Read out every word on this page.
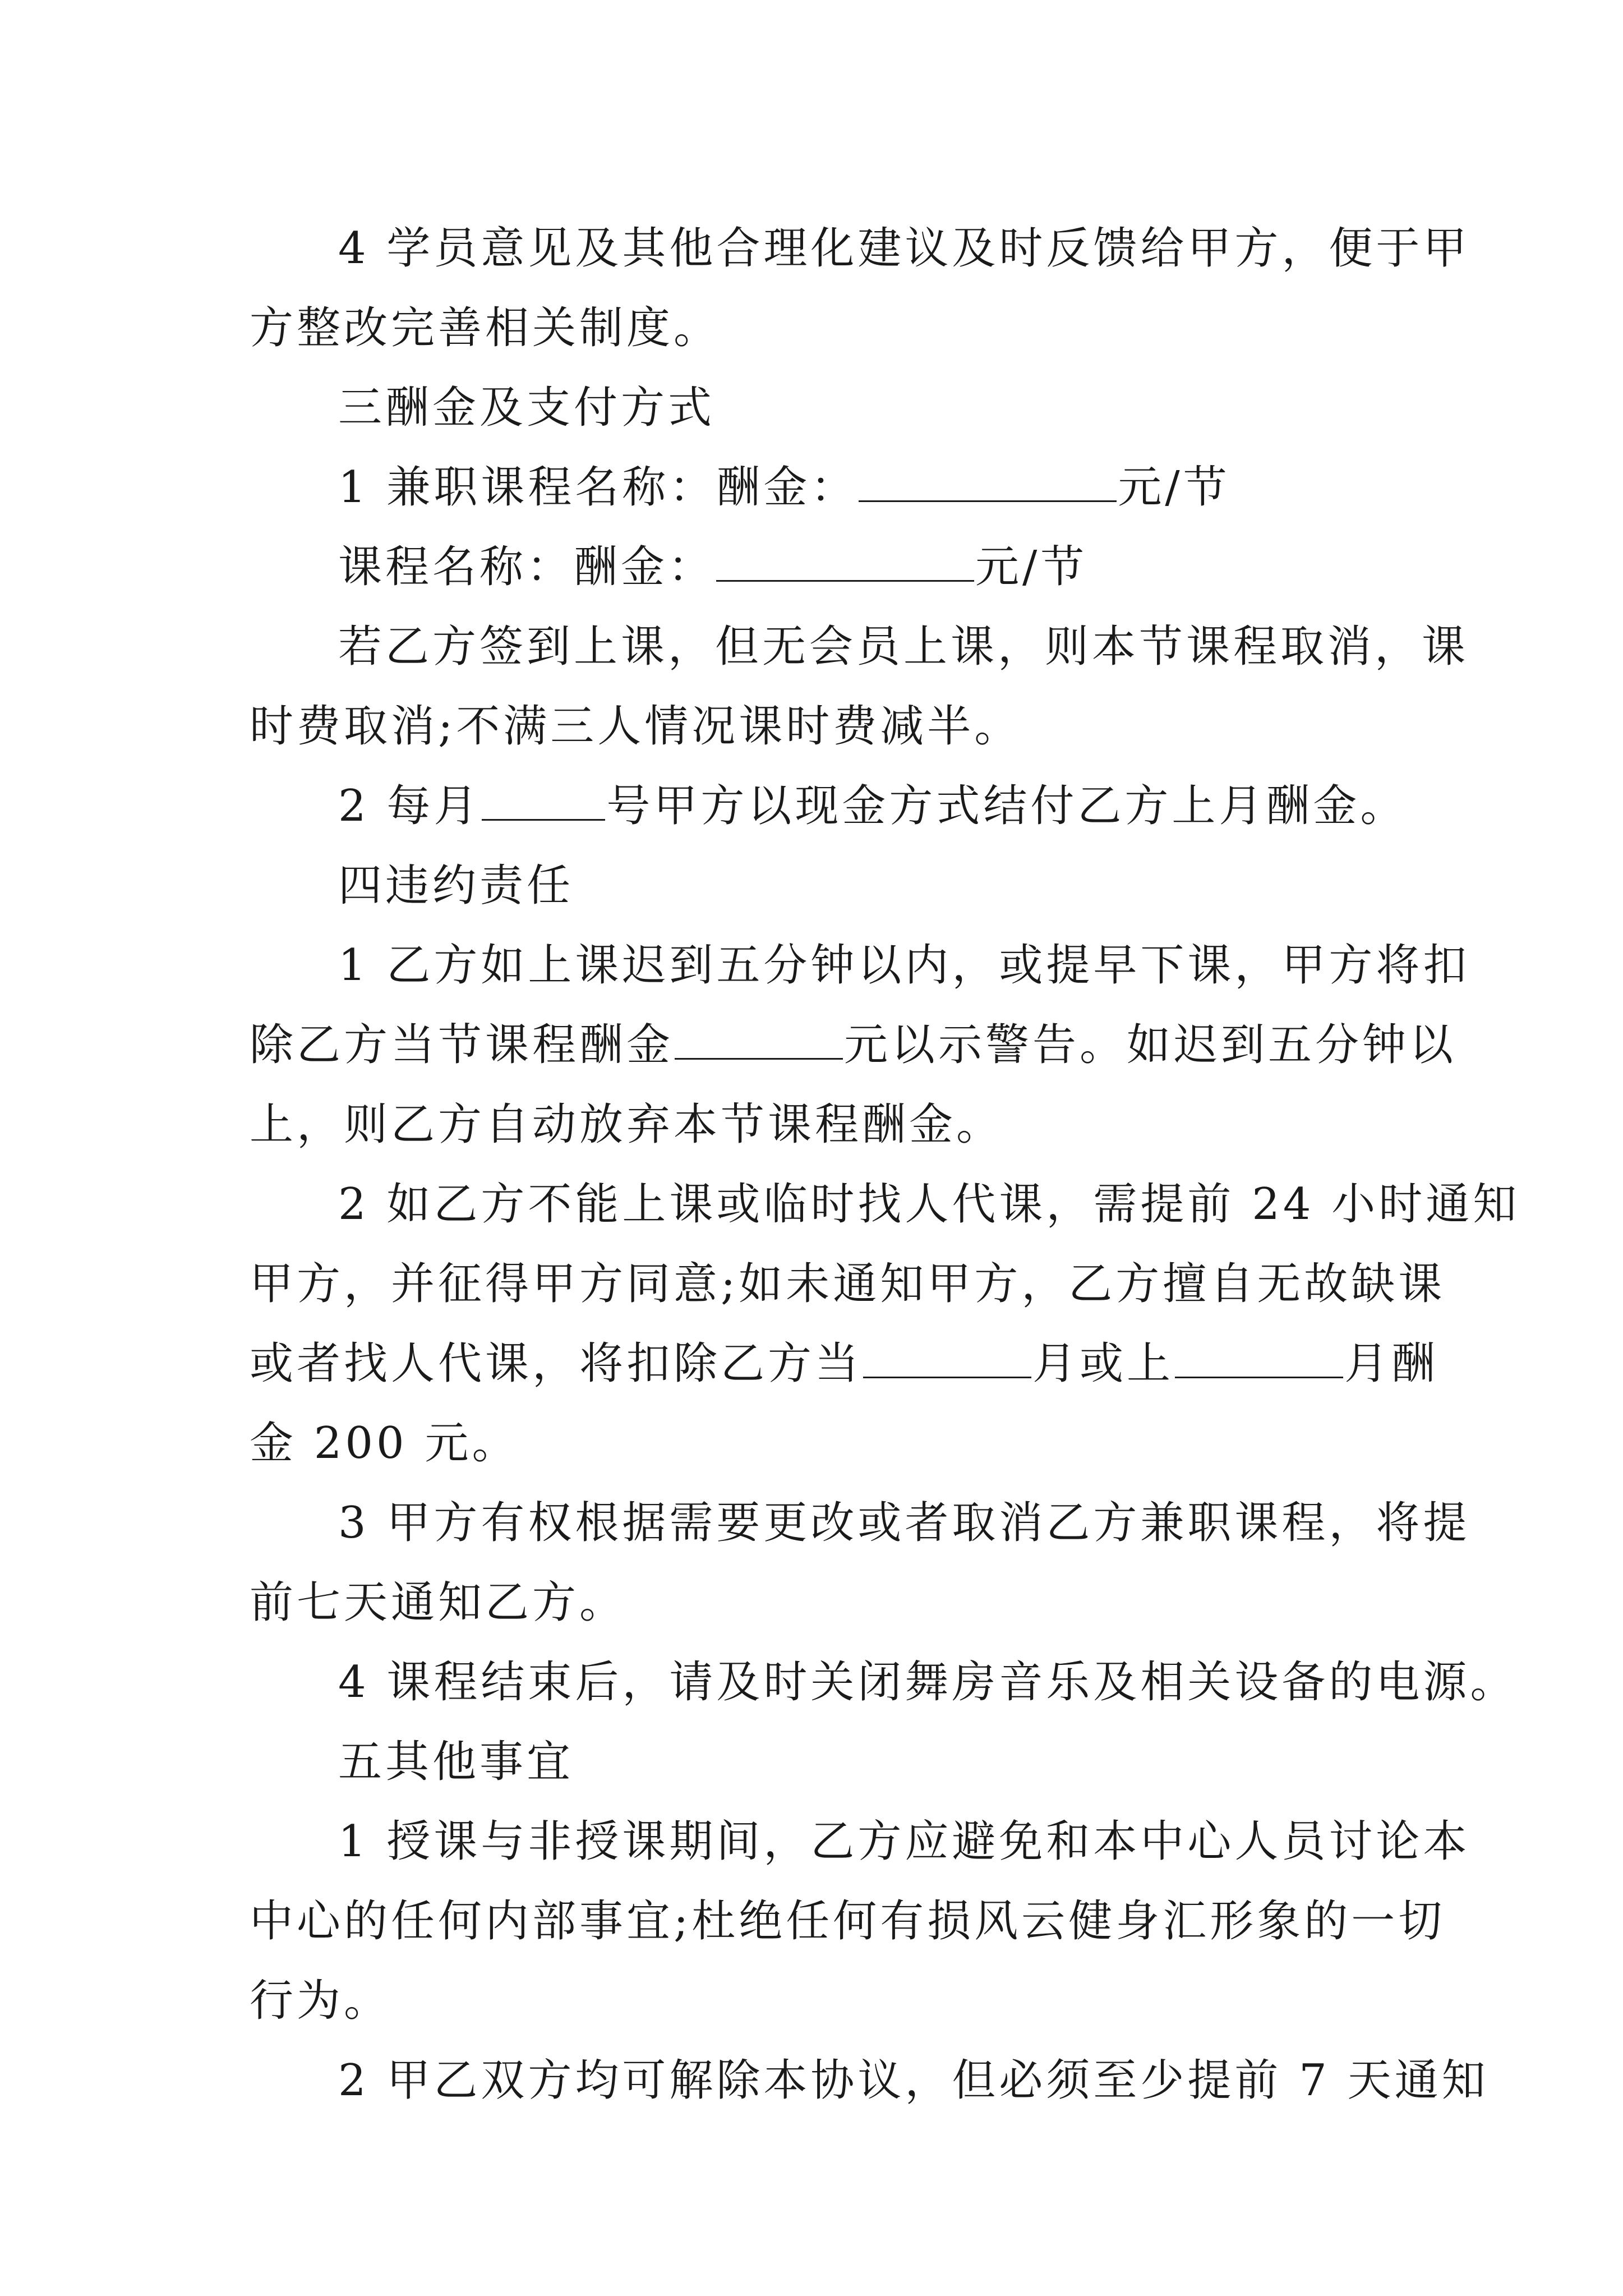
4 学员意见及其他合理化建议及时反馈给甲方，便于甲
方整改完善相关制度。
三酬金及支付方式
1 兼职课程名称：酬金：	元/节
课程名称：酬金：	元/节
若乙方签到上课，但无会员上课，则本节课程取消，课
时费取消;不满三人情况课时费减半。
2 每月	号甲方以现金方式结付乙方上月酬金。
四违约责任
1 乙方如上课迟到五分钟以内，或提早下课，甲方将扣
除乙方当节课程酬金	元以示警告。如迟到五分钟以
上，则乙方自动放弃本节课程酬金。
2 如乙方不能上课或临时找人代课，需提前 24 小时通知
甲方，并征得甲方同意;如未通知甲方，乙方擅自无故缺课
或者找人代课，将扣除乙方当	月或上	月酬
金 200 元。
3 甲方有权根据需要更改或者取消乙方兼职课程，将提
前七天通知乙方。
4 课程结束后，请及时关闭舞房音乐及相关设备的电源。
五其他事宜
1 授课与非授课期间，乙方应避免和本中心人员讨论本
中心的任何内部事宜;杜绝任何有损风云健身汇形象的一切
行为。
2 甲乙双方均可解除本协议，但必须至少提前 7 天通知
